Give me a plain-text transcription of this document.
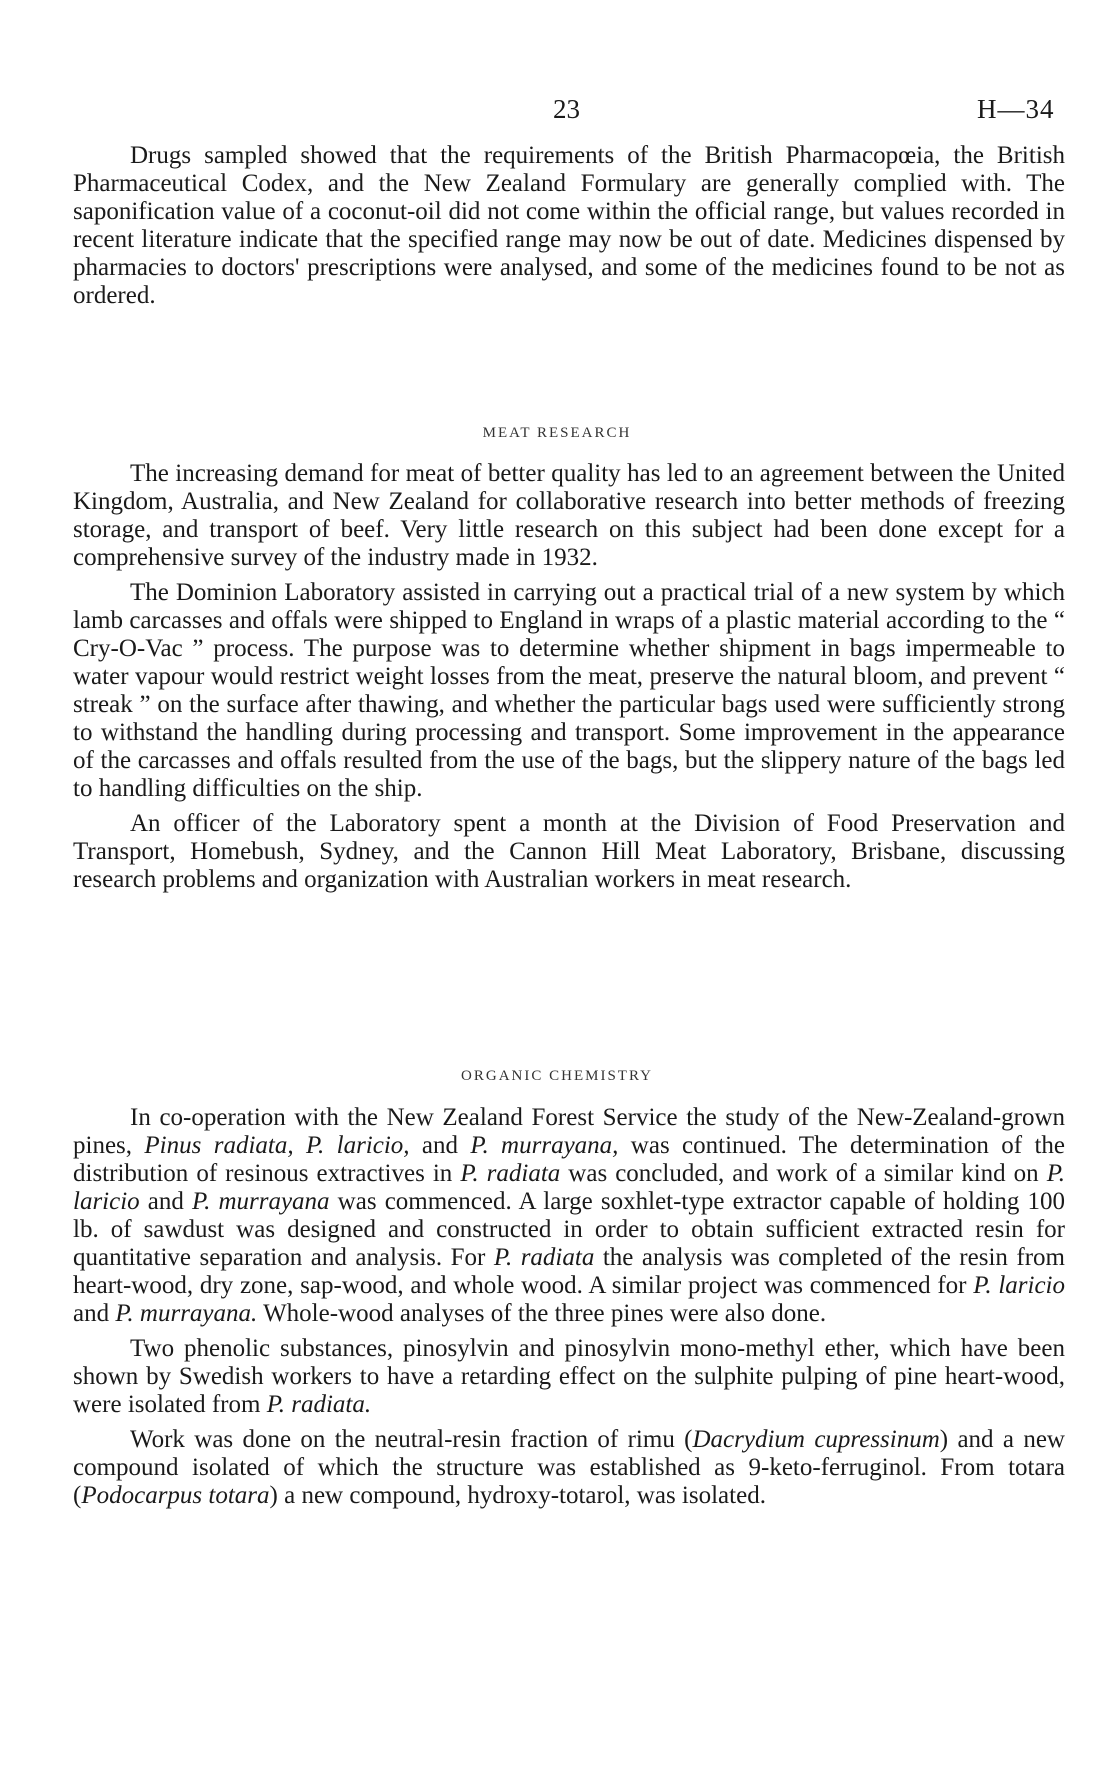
23	H—34

Drugs sampled showed that the requirements of the British Pharmacopœia, the British Pharmaceutical Codex, and the New Zealand Formulary are generally complied with. The saponification value of a coconut-oil did not come within the official range, but values recorded in recent literature indicate that the specified range may now be out of date. Medicines dispensed by pharmacies to doctors' prescriptions were analysed, and some of the medicines found to be not as ordered.

MEAT RESEARCH

The increasing demand for meat of better quality has led to an agreement between the United Kingdom, Australia, and New Zealand for collaborative research into better methods of freezing storage, and transport of beef. Very little research on this subject had been done except for a comprehensive survey of the industry made in 1932.

The Dominion Laboratory assisted in carrying out a practical trial of a new system by which lamb carcasses and offals were shipped to England in wraps of a plastic material according to the “ Cry-O-Vac ” process. The purpose was to determine whether shipment in bags impermeable to water vapour would restrict weight losses from the meat, preserve the natural bloom, and prevent “ streak ” on the surface after thawing, and whether the particular bags used were sufficiently strong to withstand the handling during processing and transport. Some improvement in the appearance of the carcasses and offals resulted from the use of the bags, but the slippery nature of the bags led to handling difficulties on the ship.

An officer of the Laboratory spent a month at the Division of Food Preservation and Transport, Homebush, Sydney, and the Cannon Hill Meat Laboratory, Brisbane, discussing research problems and organization with Australian workers in meat research.

ORGANIC CHEMISTRY

In co-operation with the New Zealand Forest Service the study of the New-Zealand-grown pines, Pinus radiata, P. laricio, and P. murrayana, was continued. The determination of the distribution of resinous extractives in P. radiata was concluded, and work of a similar kind on P. laricio and P. murrayana was commenced. A large soxhlet-type extractor capable of holding 100 lb. of sawdust was designed and constructed in order to obtain sufficient extracted resin for quantitative separation and analysis. For P. radiata the analysis was completed of the resin from heart-wood, dry zone, sap-wood, and whole wood. A similar project was commenced for P. laricio and P. murrayana. Whole-wood analyses of the three pines were also done.

Two phenolic substances, pinosylvin and pinosylvin mono-methyl ether, which have been shown by Swedish workers to have a retarding effect on the sulphite pulping of pine heart-wood, were isolated from P. radiata.

Work was done on the neutral-resin fraction of rimu (Dacrydium cupressinum) and a new compound isolated of which the structure was established as 9-keto-ferruginol. From totara (Podocarpus totara) a new compound, hydroxy-totarol, was isolated.
